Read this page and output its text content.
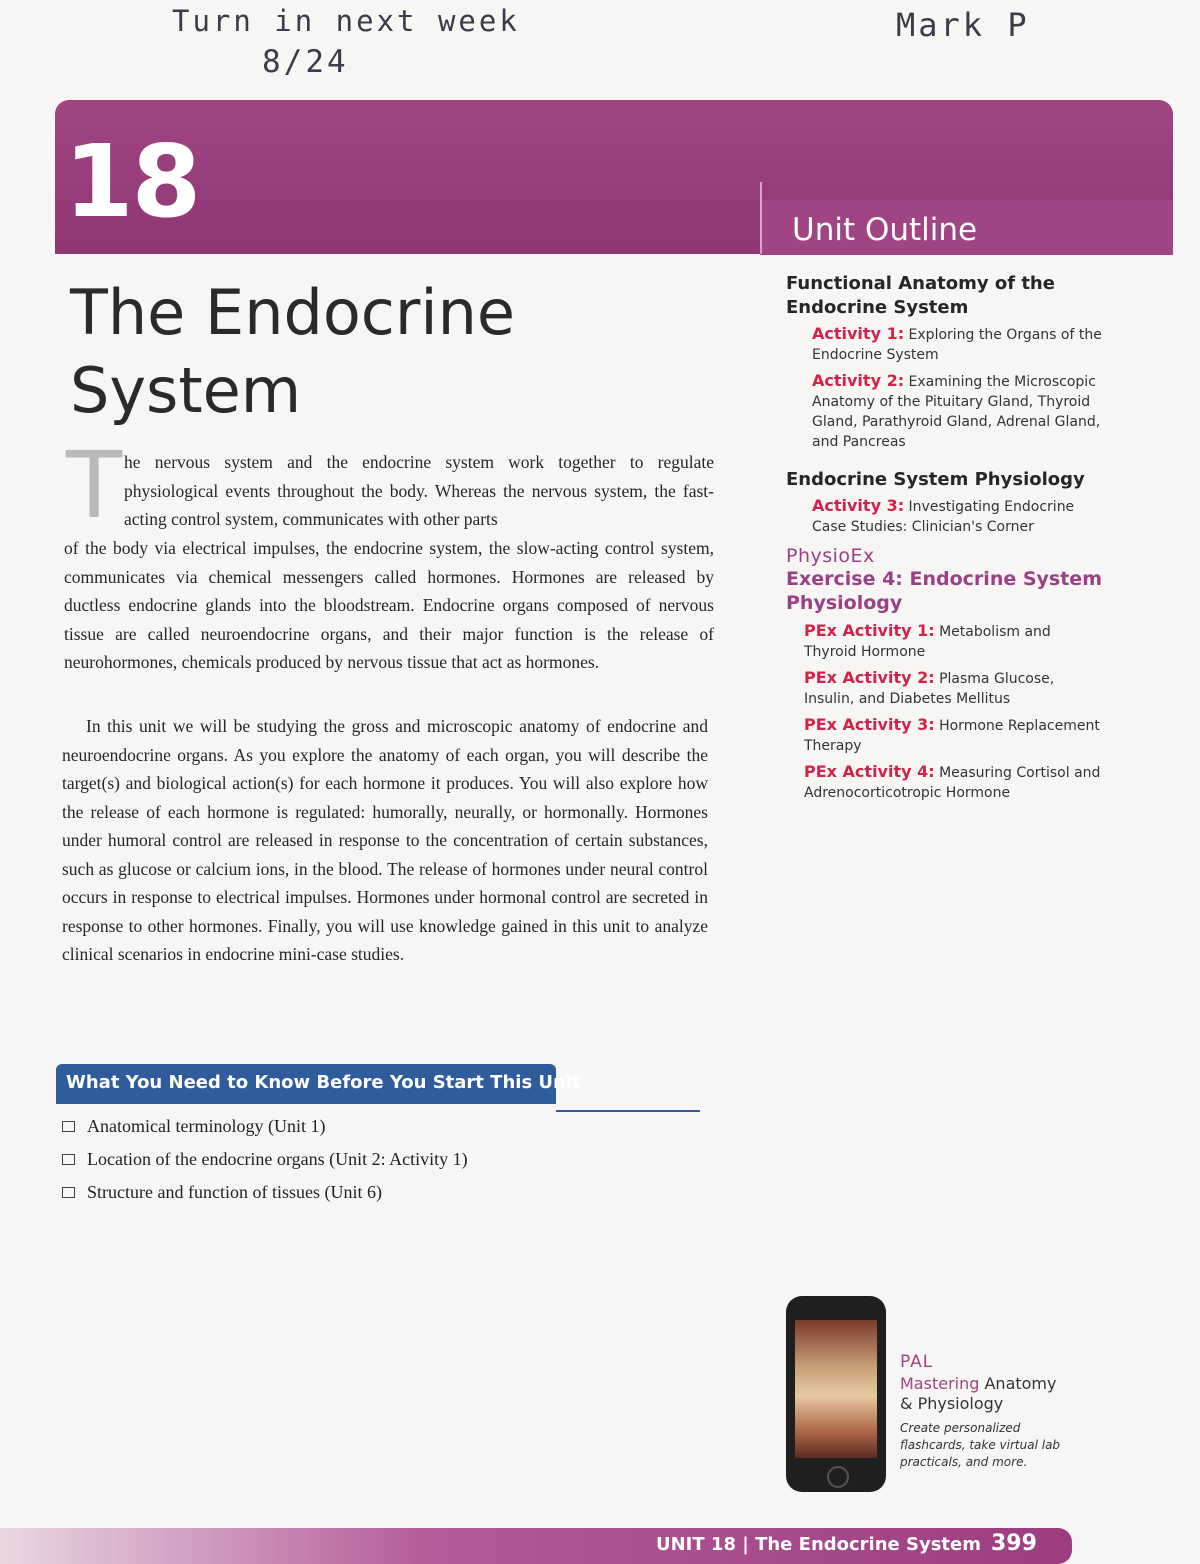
Turn in next week
8/24
Mark P
18	Unit Outline
The Endocrine
System
T he nervous system and the endocrine system work together to regulate physiological events throughout the body. Whereas the nervous system, the fast-acting control system, communicates with other parts

of the body via electrical impulses, the endocrine system, the slow-acting control system, communicates via chemical messengers called hormones. Hormones are released by ductless endocrine glands into the bloodstream. Endocrine organs composed of nervous tissue are called neuroendocrine organs, and their major function is the release of neurohormones, chemicals produced by nervous tissue that act as hormones.

In this unit we will be studying the gross and microscopic anatomy of endocrine and neuroendocrine organs. As you explore the anatomy of each organ, you will describe the target(s) and biological action(s) for each hormone it produces. You will also explore how the release of each hormone is regulated: humorally, neurally, or hormonally. Hormones under humoral control are released in response to the concentration of certain substances, such as glucose or calcium ions, in the blood. The release of hormones under neural control occurs in response to electrical impulses. Hormones under hormonal control are secreted in response to other hormones. Finally, you will use knowledge gained in this unit to analyze clinical scenarios in endocrine mini-case studies.

What You Need to Know Before You Start This Unit
Anatomical terminology (Unit 1)
Location of the endocrine organs (Unit 2: Activity 1)
Structure and function of tissues (Unit 6)

Functional Anatomy of the Endocrine System

Activity 1: Exploring the Organs of the Endocrine System

Activity 2: Examining the Microscopic Anatomy of the Pituitary Gland, Thyroid Gland, Parathyroid Gland, Adrenal Gland, and Pancreas

Endocrine System Physiology

Activity 3: Investigating Endocrine Case Studies: Clinician's Corner

PhysioEx

Exercise 4: Endocrine System Physiology

PEx Activity 1: Metabolism and Thyroid Hormone

PEx Activity 2: Plasma Glucose, Insulin, and Diabetes Mellitus

PEx Activity 3: Hormone Replacement Therapy

PEx Activity 4: Measuring Cortisol and Adrenocorticotropic Hormone

PAL

Mastering Anatomy
& Physiology

Create personalized flashcards, take virtual lab practicals, and more.

UNIT 18 | The Endocrine System 399
